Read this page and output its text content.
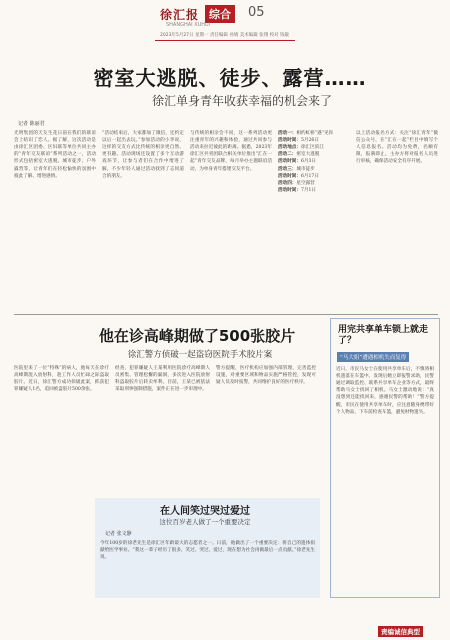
徐汇报 综合	05
SHANGHAI XUHUI
2023年5月27日 星期一 责任编辑 孙婧 美术编辑 张翔 校对 钱敏
密室大逃脱、徒步、露营……
徐汇单身青年收获幸福的机会来了
记者 陈丽君
光明集团的天友生花日前在我们的联谊会上结识了恋人。据了解，这次活动是由徐汇区团委、区妇联等单位共同主办的“青年交友联谊”系列活动之一，活动形式包括密室大逃脱、城市徒步、户外露营等，让青年们在轻松愉快的氛围中彼此了解、增进感情。
“活动结束后，大家都加了微信，还约定以后一起出去玩。”参加活动的小李说，这样的交友方式比传统的相亲更自然、更有趣。活动现场还设置了多个互动游戏环节，让参与者们在合作中增进了解，不少年轻人通过活动找到了志同道合的朋友。
与传统的相亲会不同，这一系列活动更注重青年的兴趣和体验，通过共同参与活动来拉近彼此的距离。据悉，2023年徐汇区共青团联合相关单位推出“汇在一起”青年交友品牌，每月举办主题联谊活动，为单身青年搭建交友平台。
活动一：相约虹桥“遇”见你
活动时间：5月26日
活动地点：徐汇区滨江
活动二：密室大逃脱
活动时间：6月3日
活动三：城市徒步
活动时间：6月17日
活动四：星空露营
活动时间：7月1日
以上活动报名方式：关注“徐汇青年”微信公众号，在“汇在一起”栏目中填写个人信息报名。活动均为免费，名额有限，报满即止。主办方将对报名人员进行审核，确保活动安全有序开展。
他在诊高峰期做了500张胶片
徐汇警方侦破一起盗窃医院手术胶片案
医院里来了一位“特殊”的病人，他每天在诊疗高峰期混入放射科，趁工作人员忙碌之际盗取胶片。近日，徐汇警方成功侦破此案，抓获犯罪嫌疑人1名，追回被盗胶片500余张。
经查，犯罪嫌疑人王某利用医院诊疗高峰期人员密集、管理松懈的漏洞，多次进入医院放射科盗取胶片后转卖牟利。目前，王某已被依法采取刑事强制措施，案件正在进一步审理中。
警方提醒，医疗机构应加强内部管理，完善监控设施，对重要区域和物品实施严格管控，发现可疑人员及时报警，共同维护良好的医疗秩序。
用完共享单车锁上就走了？
“马大姐”遭遇相机失而复得
近日，市民马女士在使用共享单车后，不慎将相机遗落在车篮中。发现后她立即报警求助，民警通过调取监控、联系共享单车企业等方式，最终帮助马女士找回了相机。马女士激动地说：“真没想到还能找回来，感谢民警的帮助！”警方提醒，市民在使用共享单车时，应注意随身携带好个人物品，下车前检查车篮，避免财物遗失。
在人间笑过哭过爱过
这位百岁老人做了一个重要决定
记者 张文静
今年100岁的徐老先生是徐汇区年龄最大的志愿者之一。日前，他做出了一个重要决定：将自己的遗体捐献给医学事业。“我这一辈子经历了很多，笑过、哭过、爱过，现在想为社会再做最后一点贡献。”徐老先生说。
责编诚信典型
